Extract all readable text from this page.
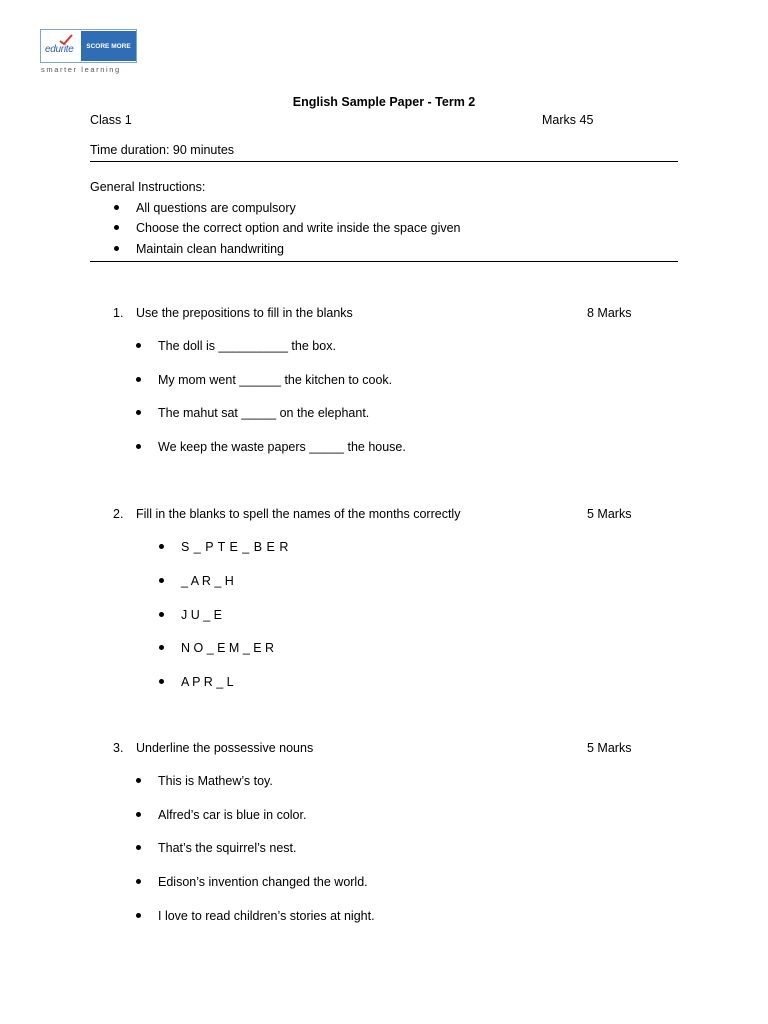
edurite	SCORE MORE
smarter learning
English Sample Paper - Term 2
Class 1	Marks 45
Time duration: 90 minutes
General Instructions:
All questions are compulsory
Choose the correct option and write inside the space given
Maintain clean handwriting
1. Use the prepositions to fill in the blanks	8 Marks
The doll is __________ the box.
My mom went ______ the kitchen to cook.
The mahut sat _____ on the elephant.
We keep the waste papers _____ the house.
2. Fill in the blanks to spell the names of the months correctly	5 Marks
S _ P T E _ B E R
_ A R _ H
J U _ E
N O _ E M _ E R
A P R _ L
3. Underline the possessive nouns	5 Marks
This is Mathew’s toy.
Alfred’s car is blue in color.
That’s the squirrel’s nest.
Edison’s invention changed the world.
I love to read children’s stories at night.
